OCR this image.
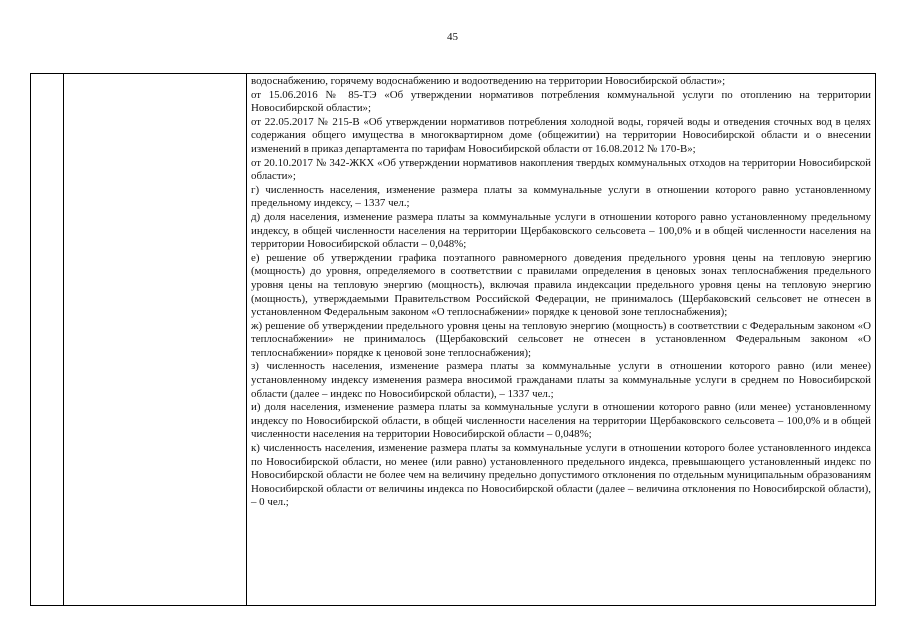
45

водоснабжению, горячему водоснабжению и водоотведению на территории Новосибирской области»;

от 15.06.2016 № 85-ТЭ «Об утверждении нормативов потребления коммунальной услуги по отоплению на территории Новосибирской области»;

от 22.05.2017 № 215-В «Об утверждении нормативов потребления холодной воды, горячей воды и отведения сточных вод в целях содержания общего имущества в многоквартирном доме (общежитии) на территории Новосибирской области и о внесении изменений в приказ департамента по тарифам Новосибирской области от 16.08.2012 № 170-В»;

от 20.10.2017 № 342-ЖКХ «Об утверждении нормативов накопления твердых коммунальных отходов на территории Новосибирской области»;

г) численность населения, изменение размера платы за коммунальные услуги в отношении которого равно установленному предельному индексу, – 1337 чел.;

д) доля населения, изменение размера платы за коммунальные услуги в отношении которого равно установленному предельному индексу, в общей численности населения на территории Щербаковского сельсовета – 100,0% и в общей численности населения на территории Новосибирской области – 0,048%;

е) решение об утверждении графика поэтапного равномерного доведения предельного уровня цены на тепловую энергию (мощность) до уровня, определяемого в соответствии с правилами определения в ценовых зонах теплоснабжения предельного уровня цены на тепловую энергию (мощность), включая правила индексации предельного уровня цены на тепловую энергию (мощность), утверждаемыми Правительством Российской Федерации, не принималось (Щербаковский сельсовет не отнесен в установленном Федеральным законом «О теплоснабжении» порядке к ценовой зоне теплоснабжения);

ж) решение об утверждении предельного уровня цены на тепловую энергию (мощность) в соответствии с Федеральным законом «О теплоснабжении» не принималось (Щербаковский сельсовет не отнесен в установленном Федеральным законом «О теплоснабжении» порядке к ценовой зоне теплоснабжения);

з) численность населения, изменение размера платы за коммунальные услуги в отношении которого равно (или менее) установленному индексу изменения размера вносимой гражданами платы за коммунальные услуги в среднем по Новосибирской области (далее – индекс по Новосибирской области), – 1337 чел.;

и) доля населения, изменение размера платы за коммунальные услуги в отношении которого равно (или менее) установленному индексу по Новосибирской области, в общей численности населения на территории Щербаковского сельсовета – 100,0% и в общей численности населения на территории Новосибирской области – 0,048%;

к) численность населения, изменение размера платы за коммунальные услуги в отношении которого более установленного индекса по Новосибирской области, но менее (или равно) установленного предельного индекса, превышающего установленный индекс по Новосибирской области не более чем на величину предельно допустимого отклонения по отдельным муниципальным образованиям Новосибирской области от величины индекса по Новосибирской области (далее – величина отклонения по Новосибирской области), – 0 чел.;
